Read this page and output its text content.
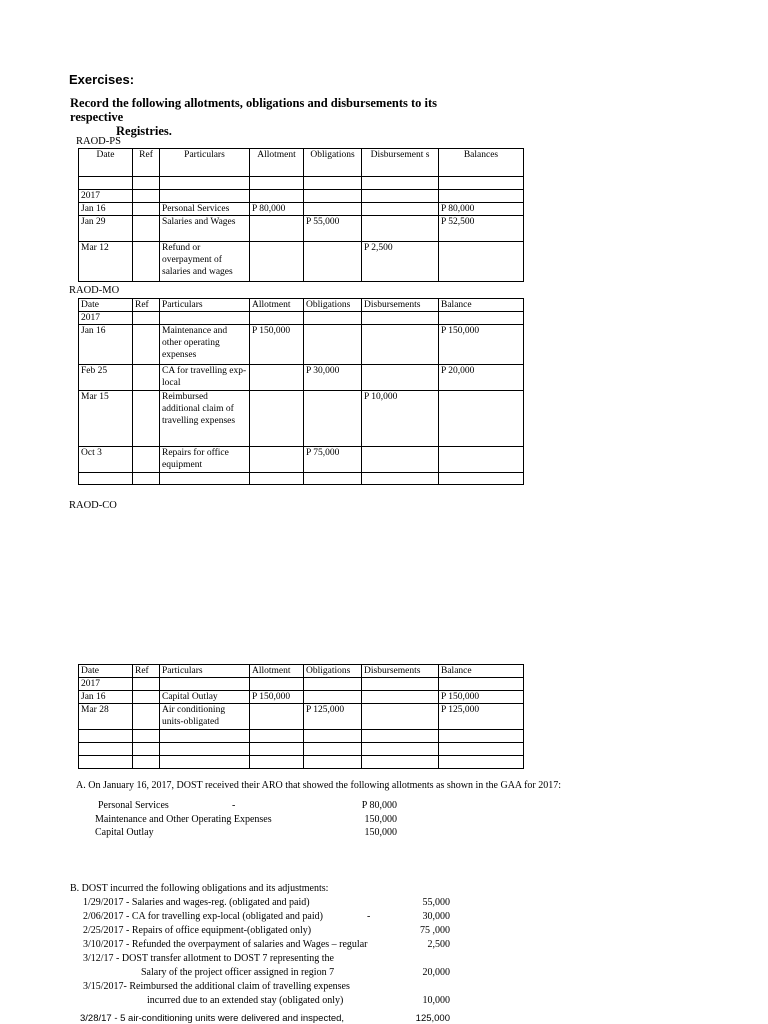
Exercises:
Record the following allotments, obligations and disbursements to its respective
Registries.
RAOD-PS
Date	Ref	Particulars	Allotment	Obligations	Disbursement s	Balances

2017						
Jan 16		Personal Services	P 80,000			P 80,000
Jan 29		Salaries and Wages		P 55,000		P 52,500
Mar 12		Refund or overpayment of salaries and wages			P 2,500	
RAOD-MO
Date	Ref	Particulars	Allotment	Obligations	Disbursements	Balance
2017						
Jan 16		Maintenance and other operating expenses	P 150,000			P 150,000
Feb 25		CA for travelling exp-local		P 30,000		P 20,000
Mar 15		Reimbursed additional claim of travelling expenses			P 10,000	
Oct 3		Repairs for office equipment		P 75,000		

RAOD-CO
Date	Ref	Particulars	Allotment	Obligations	Disbursements	Balance
2017						
Jan 16		Capital Outlay	P 150,000			P 150,000
Mar 28		Air conditioning units-obligated		P 125,000		P 125,000

A. On January 16, 2017, DOST received their ARO that showed the following allotments as shown in the GAA for 2017:
Personal Services	-	P 80,000
Maintenance and Other Operating Expenses	150,000
Capital Outlay	150,000
B. DOST incurred the following obligations and its adjustments:
1/29/2017 - Salaries and wages-reg. (obligated and paid)	55,000
2/06/2017 - CA for travelling exp-local (obligated and paid)	-	30,000
2/25/2017 - Repairs of office equipment-(obligated only)	75 ,000
3/10/2017 - Refunded the overpayment of salaries and Wages – regular	2,500
3/12/17 - DOST transfer allotment to DOST 7 representing the
Salary of the project officer assigned in region 7	20,000
3/15/2017- Reimbursed the additional claim of travelling expenses
incurred due to an extended stay (obligated only)	10,000
3/28/17 - 5 air-conditioning units were delivered and inspected,	125,000
